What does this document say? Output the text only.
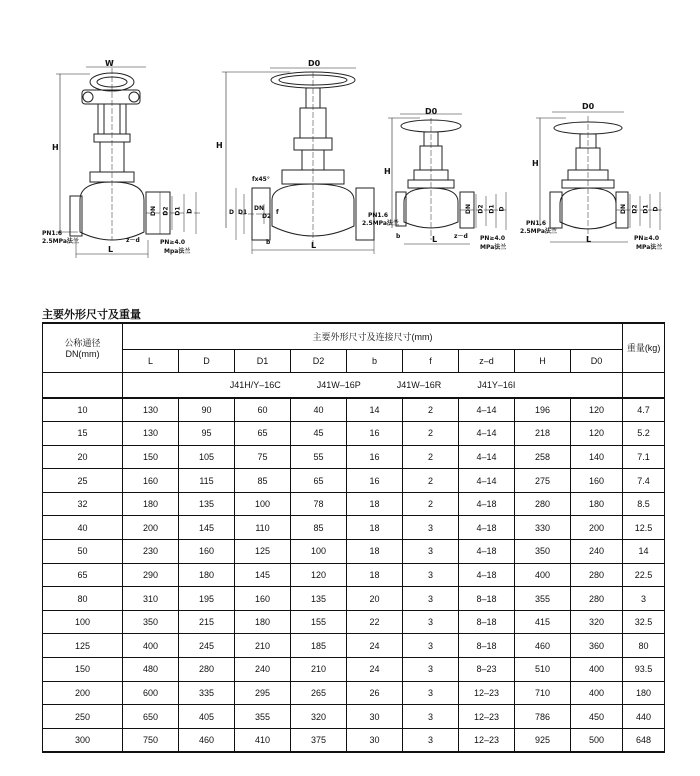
W
H
L
PN1.6
2.5MPa法兰	z－d	PN≥4.0
Mpa法兰
DN D2 D1 D
D0
H
L
fx45°
D D1
DN
D2
f
b
D0
H
L
PN1.6
2.5MPa法兰
b	z－d PN≥4.0
MPa法兰
DN D2 D1 D
D0
H
L
PN1.6
2.5MPa法兰
PN≥4.0
MPa法兰
DN D2 D1 D
主要外形尺寸及重量
公称通径
DN(mm)	主要外形尺寸及连接尺寸(mm)									重量(kg)
	L	D	D1	D2	b	f	z–d	H	D0	

	J41H/Y–16C J41W–16P J41W–16R J41Y–16I									

10	130	90	60	40	14	2	4–14	196	120	4.7
15	130	95	65	45	16	2	4–14	218	120	5.2
20	150	105	75	55	16	2	4–14	258	140	7.1
25	160	115	85	65	16	2	4–14	275	160	7.4
32	180	135	100	78	18	2	4–18	280	180	8.5
40	200	145	110	85	18	3	4–18	330	200	12.5
50	230	160	125	100	18	3	4–18	350	240	14
65	290	180	145	120	18	3	4–18	400	280	22.5
80	310	195	160	135	20	3	8–18	355	280	3
100	350	215	180	155	22	3	8–18	415	320	32.5
125	400	245	210	185	24	3	8–18	460	360	80
150	480	280	240	210	24	3	8–23	510	400	93.5
200	600	335	295	265	26	3	12–23	710	400	180
250	650	405	355	320	30	3	12–23	786	450	440
300	750	460	410	375	30	3	12–23	925	500	648
